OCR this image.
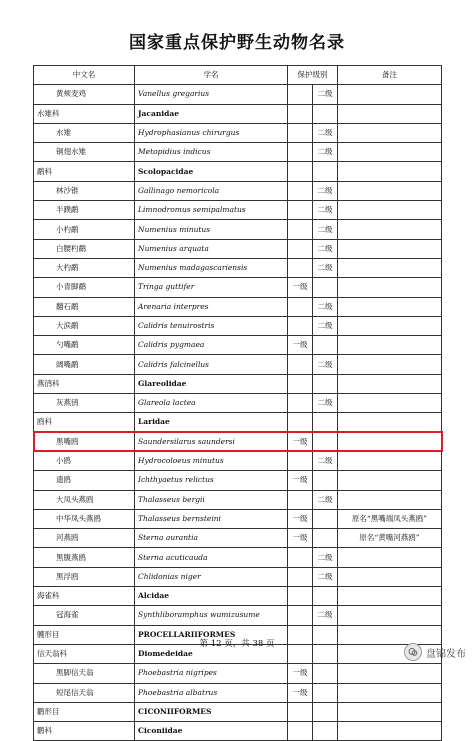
国家重点保护野生动物名录
中文名	学名	保护级别		备注
黄颊麦鸡	Vanellus gregarius		二级	
水雉科	Jacanidae			
水雉	Hydrophasianus chirurgus		二级	
铜翅水雉	Metopidius indicus		二级	
鹬科	Scolopacidae			
林沙锥	Gallinago nemoricola		二级	
半蹼鹬	Limnodromus semipalmatus		二级	
小杓鹬	Numenius minutus		二级	
白腰杓鹬	Numenius arquata		二级	
大杓鹬	Numenius madagascariensis		二级	
小青脚鹬	Tringa guttifer	一级		
翻石鹬	Arenaria interpres		二级	
大滨鹬	Calidris tenuirostris		二级	
勺嘴鹬	Calidris pygmaea	一级		
阔嘴鹬	Calidris falcinellus		二级	
燕鸻科	Glareolidae			
灰燕鸻	Glareola lactea		二级	
鸥科	Laridae			
黑嘴鸥	Saundersilarus saundersi	一级		
小鸥	Hydrocoloeus minutus		二级	
遗鸥	Ichthyaetus relictus	一级		
大凤头燕鸥	Thalasseus bergii		二级	
中华凤头燕鸥	Thalasseus bernsteini	一级		原名“黑嘴端凤头燕鸥”
河燕鸥	Sterna aurantia	一级		原名“黄嘴河燕鸥”
黑腹燕鸥	Sterna acuticauda		二级	
黑浮鸥	Chlidonias niger		二级	
海雀科	Alcidae			
冠海雀	Synthliboramphus wumizusume		二级	
鹱形目	PROCELLARIIFORMES			
信天翁科	Diomedeidae			
黑脚信天翁	Phoebastria nigripes	一级		
短尾信天翁	Phoebastria albatrus	一级		
鹳形目	CICONIIFORMES			
鹳科	Ciconiidae			
第 12 页，共 38 页
盘锦发布
